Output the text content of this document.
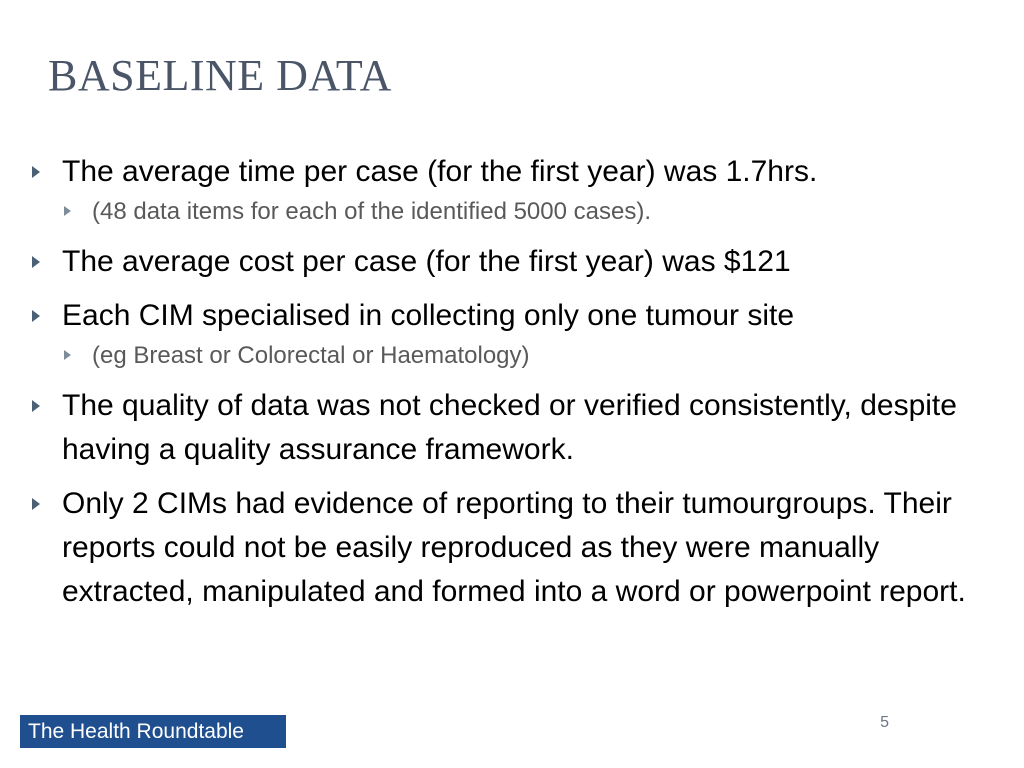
BASELINE DATA
The average time per case (for the first year) was 1.7hrs.
(48 data items for each of the identified 5000 cases).
The average cost per case (for the first year) was $121
Each CIM specialised in collecting only one tumour site
(eg Breast or Colorectal or Haematology)
The quality of data was not checked or verified consistently, despite having a quality assurance framework.
Only 2 CIMs had evidence of reporting to their tumourgroups. Their reports could not be easily reproduced as they were manually extracted, manipulated and formed into a word or powerpoint report.
The Health Roundtable	5
